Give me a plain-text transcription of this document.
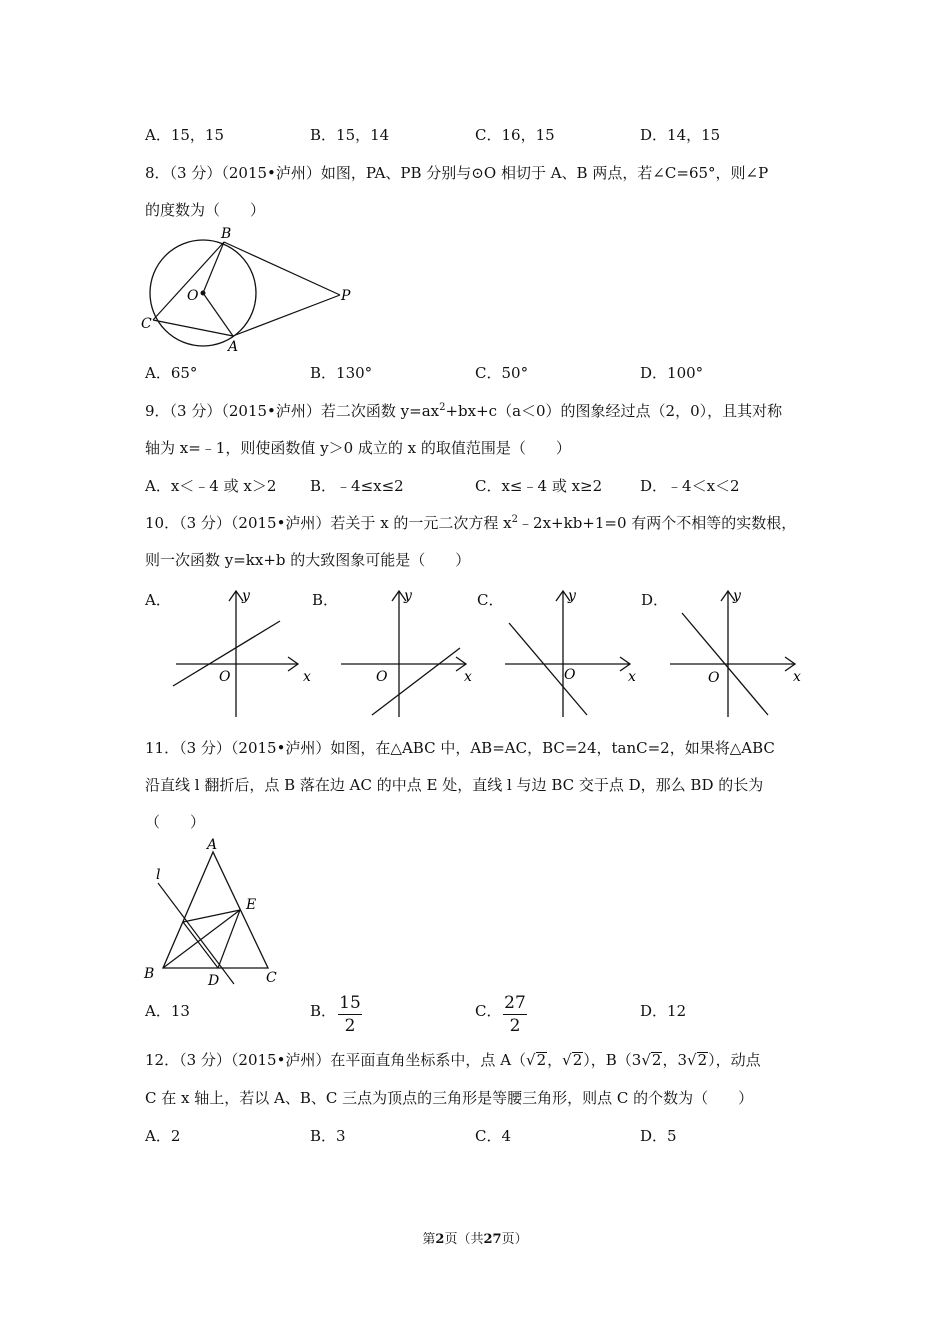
A．15，15	B．15，14	C．16，15	D．14，15
8．（3 分）（2015•泸州）如图，PA、PB 分别与⊙O 相切于 A、B 两点，若∠C=65°，则∠P
的度数为（　　）
B
O	P
C
A
A．65°	B．130°	C．50°	D．100°
9．（3 分）（2015•泸州）若二次函数 $y=ax^2+bx+c(a<0)$的图象经过点（2，0），且其对称
轴为 x=﹣1，则使函数值 y＞0 成立的 x 的取值范围是（　　）
A．x＜﹣4 或 x＞2 B．﹣4≤x≤2	C．x≤﹣4 或 x≥2	D．﹣4＜x＜2
10．（3 分）（2015•泸州）若关于 x 的一元二次方程 $x^2﹣2x+kb+1=0$ 有两个不相等的实数根，
则一次函数 y=kx+b 的大致图象可能是（　　）
A．	B．	C．	D．
y
x
O
y
x
O
y
x
O
y
x
O
11．（3 分）（2015•泸州）如图，在△ABC 中，AB=AC，BC=24，tanC=2，如果将△ABC
沿直线 l 翻折后，点 B 落在边 AC 的中点 E 处，直线 l 与边 BC 交于点 D，那么 BD 的长为
（　　）
A
l
E
B	D	C
A．13	B． 15
2
C． 27
2
D．12
12．（3 分）（2015•泸州）在平面直角坐标系中，点 A（√2，√2），B（3√2，3√2），动点
C 在 x 轴上，若以 A、B、C 三点为顶点的三角形是等腰三角形，则点 C 的个数为（　　）
A．2	B．3	C．4	D．5
第2页（共27页）
